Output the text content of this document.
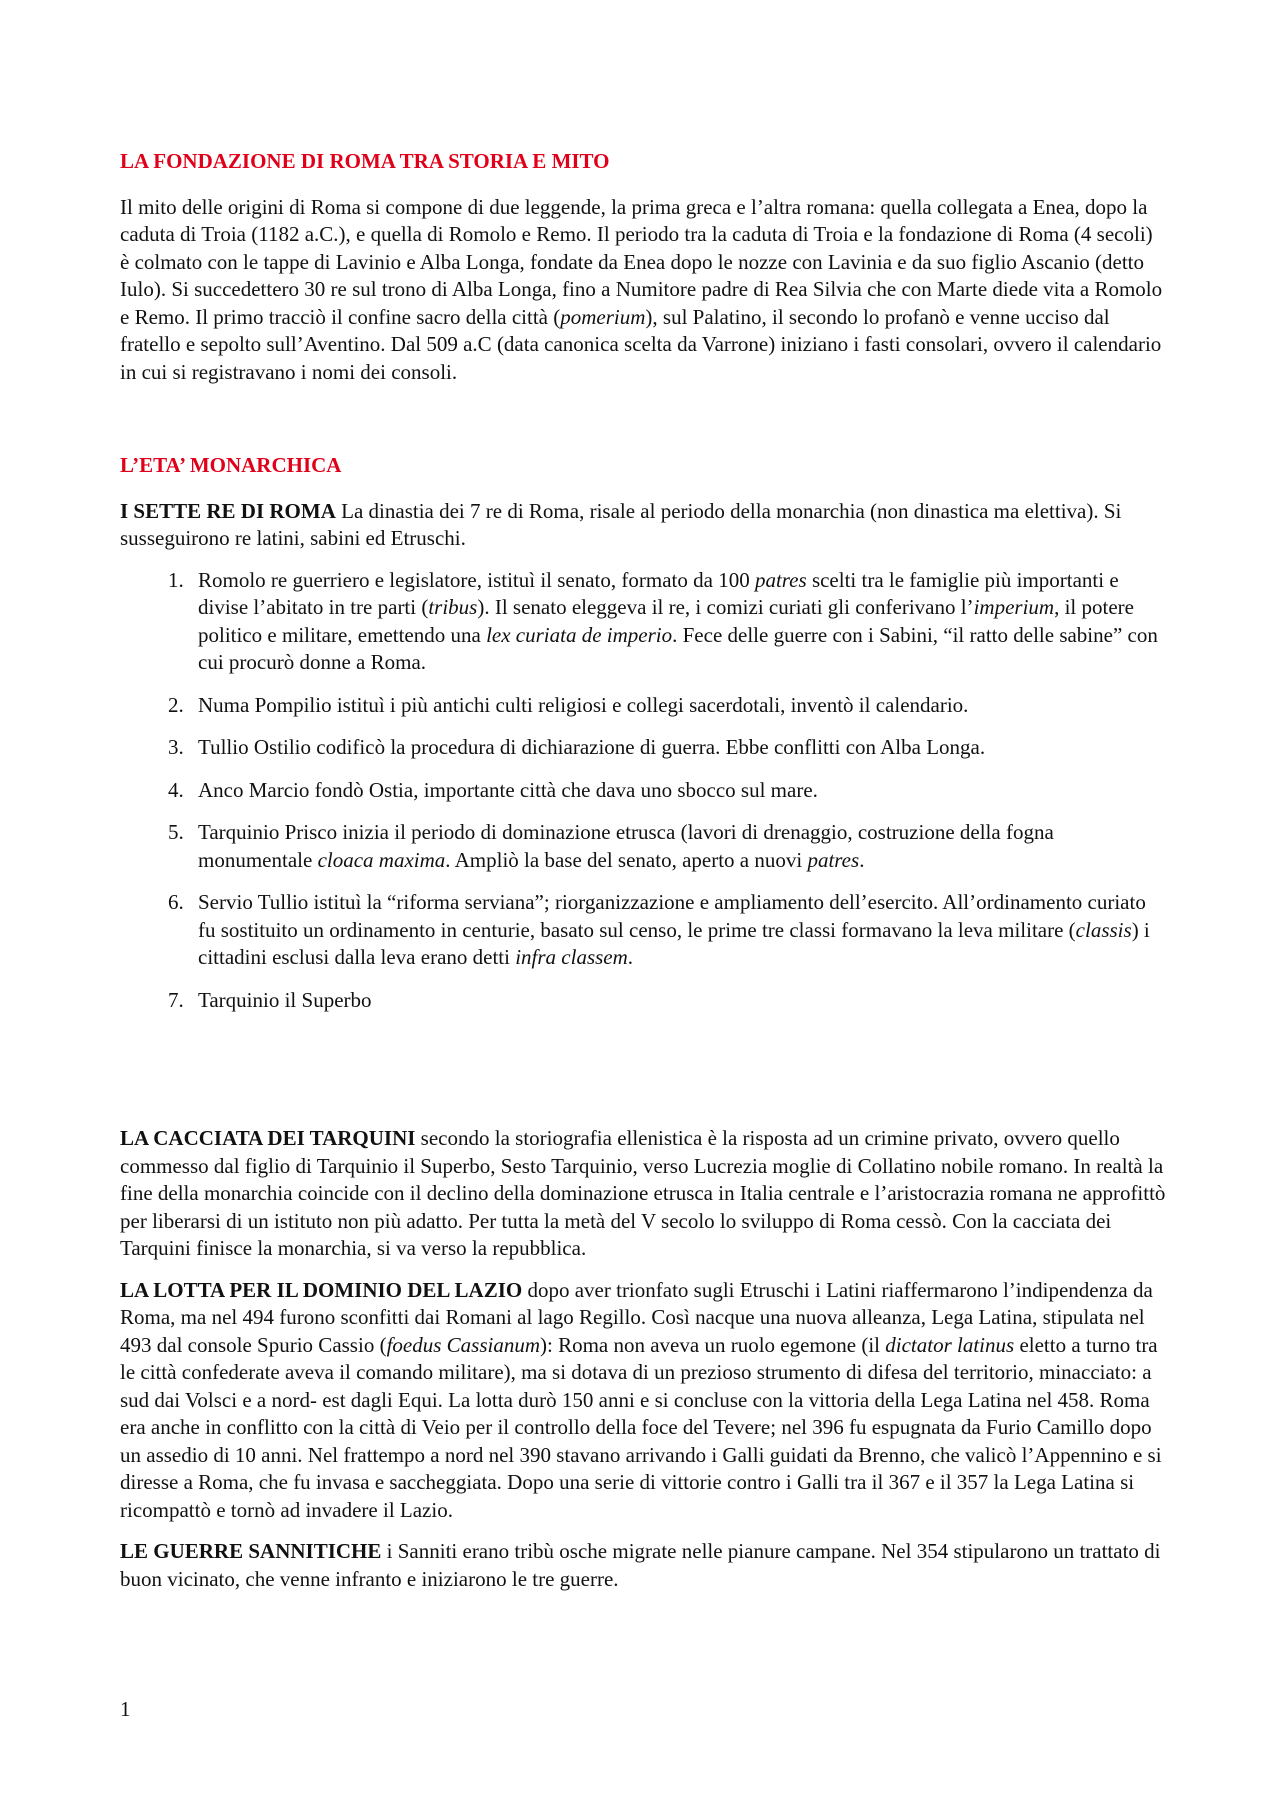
LA FONDAZIONE DI ROMA TRA STORIA E MITO
Il mito delle origini di Roma si compone di due leggende, la prima greca e l’altra romana: quella collegata a Enea, dopo la caduta di Troia (1182 a.C.), e quella di Romolo e Remo. Il periodo tra la caduta di Troia e la fondazione di Roma (4 secoli) è colmato con le tappe di Lavinio e Alba Longa, fondate da Enea dopo le nozze con Lavinia e da suo figlio Ascanio (detto Iulo). Si succedettero 30 re sul trono di Alba Longa, fino a Numitore padre di Rea Silvia che con Marte diede vita a Romolo e Remo. Il primo tracciò il confine sacro della città (pomerium), sul Palatino, il secondo lo profanò e venne ucciso dal fratello e sepolto sull’Aventino. Dal 509 a.C (data canonica scelta da Varrone) iniziano i fasti consolari, ovvero il calendario in cui si registravano i nomi dei consoli.
L’ETA’ MONARCHICA
I SETTE RE DI ROMA La dinastia dei 7 re di Roma, risale al periodo della monarchia (non dinastica ma elettiva). Si susseguirono re latini, sabini ed Etruschi.
1. Romolo re guerriero e legislatore, istituì il senato, formato da 100 patres scelti tra le famiglie più importanti e divise l’abitato in tre parti (tribus). Il senato eleggeva il re, i comizi curiati gli conferivano l’imperium, il potere politico e militare, emettendo una lex curiata de imperio. Fece delle guerre con i Sabini, “il ratto delle sabine” con cui procurò donne a Roma.
2. Numa Pompilio istituì i più antichi culti religiosi e collegi sacerdotali, inventò il calendario.
3. Tullio Ostilio codificò la procedura di dichiarazione di guerra. Ebbe conflitti con Alba Longa.
4. Anco Marcio fondò Ostia, importante città che dava uno sbocco sul mare.
5. Tarquinio Prisco inizia il periodo di dominazione etrusca (lavori di drenaggio, costruzione della fogna monumentale cloaca maxima. Ampliò la base del senato, aperto a nuovi patres.
6. Servio Tullio istituì la “riforma serviana”; riorganizzazione e ampliamento dell’esercito. All’ordinamento curiato fu sostituito un ordinamento in centurie, basato sul censo, le prime tre classi formavano la leva militare (classis) i cittadini esclusi dalla leva erano detti infra classem.
7. Tarquinio il Superbo
LA CACCIATA DEI TARQUINI secondo la storiografia ellenistica è la risposta ad un crimine privato, ovvero quello commesso dal figlio di Tarquinio il Superbo, Sesto Tarquinio, verso Lucrezia moglie di Collatino nobile romano. In realtà la fine della monarchia coincide con il declino della dominazione etrusca in Italia centrale e l’aristocrazia romana ne approfittò per liberarsi di un istituto non più adatto. Per tutta la metà del V secolo lo sviluppo di Roma cessò. Con la cacciata dei Tarquini finisce la monarchia, si va verso la repubblica.
LA LOTTA PER IL DOMINIO DEL LAZIO dopo aver trionfato sugli Etruschi i Latini riaffermarono l’indipendenza da Roma, ma nel 494 furono sconfitti dai Romani al lago Regillo. Così nacque una nuova alleanza, Lega Latina, stipulata nel 493 dal console Spurio Cassio (foedus Cassianum): Roma non aveva un ruolo egemone (il dictator latinus eletto a turno tra le città confederate aveva il comando militare), ma si dotava di un prezioso strumento di difesa del territorio, minacciato: a sud dai Volsci e a nord- est dagli Equi. La lotta durò 150 anni e si concluse con la vittoria della Lega Latina nel 458. Roma era anche in conflitto con la città di Veio per il controllo della foce del Tevere; nel 396 fu espugnata da Furio Camillo dopo un assedio di 10 anni. Nel frattempo a nord nel 390 stavano arrivando i Galli guidati da Brenno, che valicò l’Appennino e si diresse a Roma, che fu invasa e saccheggiata. Dopo una serie di vittorie contro i Galli tra il 367 e il 357 la Lega Latina si ricompattò e tornò ad invadere il Lazio.
LE GUERRE SANNITICHE i Sanniti erano tribù osche migrate nelle pianure campane. Nel 354 stipularono un trattato di buon vicinato, che venne infranto e iniziarono le tre guerre.
1
